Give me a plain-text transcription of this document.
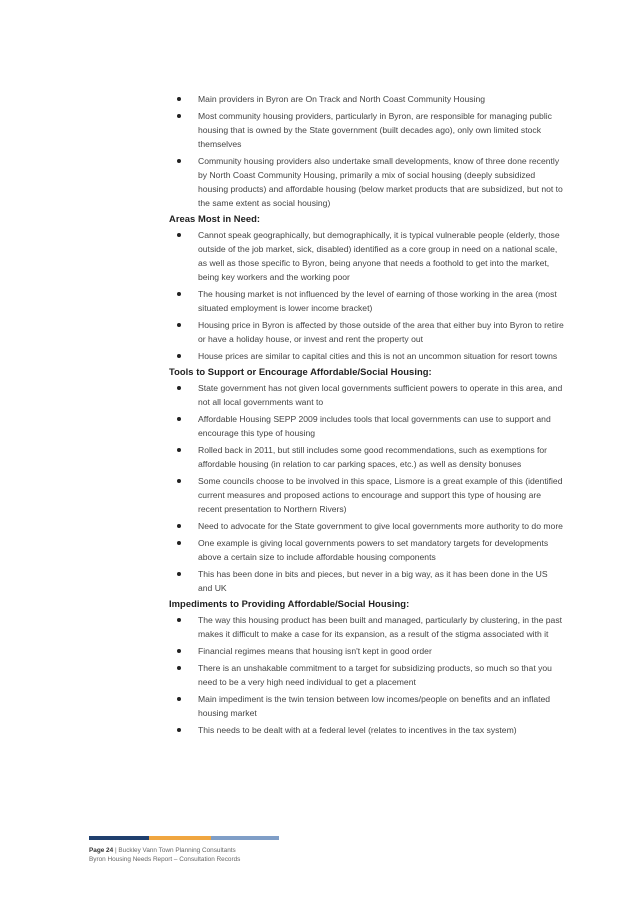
Main providers in Byron are On Track and North Coast Community Housing
Most community housing providers, particularly in Byron, are responsible for managing public housing that is owned by the State government (built decades ago), only own limited stock themselves
Community housing providers also undertake small developments, know of three done recently by North Coast Community Housing, primarily a mix of social housing (deeply subsidized housing products) and affordable housing (below market products that are subsidized, but not to the same extent as social housing)
Areas Most in Need:
Cannot speak geographically, but demographically, it is typical vulnerable people (elderly, those outside of the job market, sick, disabled) identified as a core group in need on a national scale, as well as those specific to Byron, being anyone that needs a foothold to get into the market, being key workers and the working poor
The housing market is not influenced by the level of earning of those working in the area (most situated employment is lower income bracket)
Housing price in Byron is affected by those outside of the area that either buy into Byron to retire or have a holiday house, or invest and rent the property out
House prices are similar to capital cities and this is not an uncommon situation for resort towns
Tools to Support or Encourage Affordable/Social Housing:
State government has not given local governments sufficient powers to operate in this area, and not all local governments want to
Affordable Housing SEPP 2009 includes tools that local governments can use to support and encourage this type of housing
Rolled back in 2011, but still includes some good recommendations, such as exemptions for affordable housing (in relation to car parking spaces, etc.) as well as density bonuses
Some councils choose to be involved in this space, Lismore is a great example of this (identified current measures and proposed actions to encourage and support this type of housing are recent presentation to Northern Rivers)
Need to advocate for the State government to give local governments more authority to do more
One example is giving local governments powers to set mandatory targets for developments above a certain size to include affordable housing components
This has been done in bits and pieces, but never in a big way, as it has been done in the US and UK
Impediments to Providing Affordable/Social Housing:
The way this housing product has been built and managed, particularly by clustering, in the past makes it difficult to make a case for its expansion, as a result of the stigma associated with it
Financial regimes means that housing isn't kept in good order
There is an unshakable commitment to a target for subsidizing products, so much so that you need to be a very high need individual to get a placement
Main impediment is the twin tension between low incomes/people on benefits and an inflated housing market
This needs to be dealt with at a federal level (relates to incentives in the tax system)
Page 24 | Buckley Vann Town Planning Consultants
Byron Housing Needs Report – Consultation Records
